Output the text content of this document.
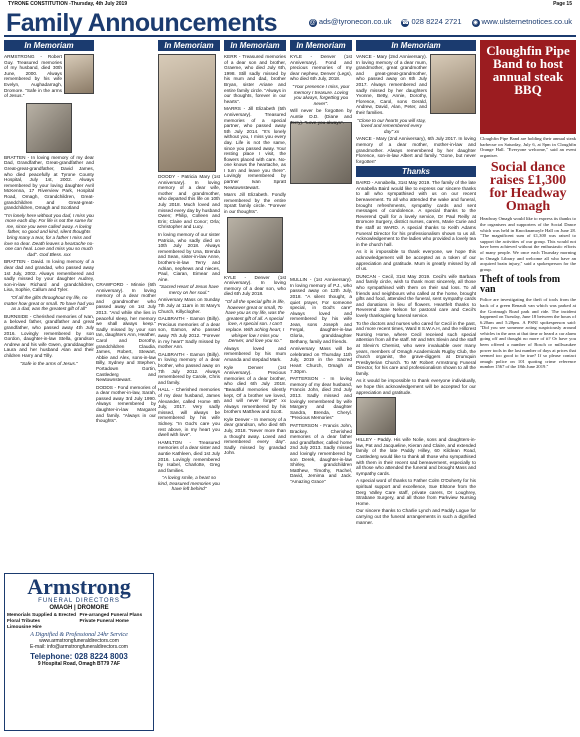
TYRONE CONSTITUTION -Thursday, 4th July 2019	Page 15
Family Announcements	@ ads@tyronecon.co.uk ☎ 028 8224 2721 ◉ www.ulsternetnotices.co.uk
In Memoriam

ARMSTRONG - Robert Guy. Treasured memories of my husband, died 30th June, 2000. Always remembered by his wife Evelyn, Aughadarragh, Dromore. "Safe in the arms of Jesus."

BRATTEN - In loving memory of my dear Dad, Grandfather, Great-grandfather and Great-great-grandfather, David James, who died peacefully at Tyrone County Hospital, July 1st, 2002. Always remembered by your loving daughter Avril McKenna, 17 Riverview Park, Hospital Road, Omagh, Grandchildren, Great-grandchildren and Great-great-grandchildren, Omagh and Scotland

"I'm lonely here without you dad, I miss you more each day. For life is not the same for me, since you were called away. A loving father, so good and kind, silent thoughts bring many a tear, for a father I miss and love so dear. Death leaves a heartache no-one can heal. Love and miss you so much dad". God Bless. xxx

BRATTEN - David. In loving memory of a dear dad and grandad, who passed away 1st July, 2002. Always remembered and sadly missed by your daughter Audrey, son-in-law Richard and grandchildren, Lisa, Sophie, Callum and Tyler.

"Of all the gifts throughout my life, no matter how great or small. To have had you as a dad, was the greatest gift of all"

BURNSIDE - Cherished memories of Ivan, a beloved father, grandfather and great grandfather, who passed away 4th July 2016. Lovingly remembered by son Gordon, daughter-in-law Stella, grandson Andrew and his wife Gwen, granddaughter Laura and her husband Alan and their children Harry and Tilly.

"Safe in the arms of Jesus."

CRAWFORD - Minnie (6th Anniversary). In loving memory of a dear mother and grandmother who passed away on 1st July 2013. "And while she lies in peaceful sleep, her memory we shall always keep." Sadly missed by your son Ian, daughters Ann, Heather, Carol and Dorothy, grandchildren Claudia, James, Robert, Stewart, Abbie and Alex, sons-in-law Billy, Sydney and Stephen, Portadown Gortin, Castlederg and Newtownstewart.

DODDS - Fond memories of a dear mother-in-law, Sarah, passed away 3rd July 1990. Always remembered by daughter-in-law Margaret and family. "Always in our thoughts".

Armstrong
FUNERAL DIRECTORS
OMAGH | DROMORE
Memorials Supplied & Erected Pre-arranged Funeral Plans
Floral Tributes	Private Funeral Home
Limousine Hire
A Dignified & Professional 24hr Service
www.armstrongfuneraldirectors.com
E-mail: info@armstrongfuneraldirectors.com
Telephone: 028 8224 8003
9 Hospital Road, Omagh BT79 7AF
In Memoriam

DOODY - Patricia Mary (1st Anniversary). In loving memory of a dear wife, mother and grandmother, who departed this life on 10th July 2018. Much loved and missed every day by husband Owen; Philip, Colleen and Erin; Claire and Conor; Orla; Christopher and Lucy.

In loving memory of our sister Patricia, who sadly died on 10th July 2018. Always remembered by Una, Brenda and Sean, sister-in-law Anne, brothers-in-law Terry and Adrian, nephews and nieces, Paul, Ciaran, Eimear and Aine.

"Sacred Heart of Jesus have mercy on her soul."

Anniversary Mass on Sunday 7th July at 11am in St Mary's Church, Killyclogher.

GALBRAITH - Eamon (Billy). Precious memories of a dear son, Eamon, who passed away 7th July 2012. "Forever in my heart" Sadly missed by mother Ann.

GALBRAITH - Eamon (Billy). In loving memory of a dear brother, who passed away on 7th July 2012. Always remembered by Carole, Chris and family.

HALL - Cherished memories of my dear husband, James Alexander, called Home 8th July, 2017. Very sadly missed, will always be remembered by his wife Sidney. "In God's care you rest above, in my heart you dwell with love".

HAMILTON - Treasured memories of a dear sister and auntie Kathleen, died 1st July 2016. Lovingly remembered by Isabel, Charlotte, Greg and families.

"A loving smile, a heart so kind, treasured memories you have left behind"

In Memoriam

KERR - Treasured memories of a dear son and brother, Graeme, who died July 6th, 1998. Still sadly missed by his mum and dad, brother Bryan, sister Ariane and entire family circle. "Always in our thoughts, forever in our hearts".

MARRS - Jill Elizabeth (5th Anniversary). Treasured memories of a special partner, who passed away 5th July 2014. "It's lonely without you, I miss you every day. Life is not the same, since you passed away. Your resting place I visit, the flowers placed with care. No-one knows the heartache, as I turn and leave you there". Lovingly remembered by partner Ivan Spratt Newtownstewart.

Marrs Jill Elizabeth. Fondly remembered by the entire Spratt family circle. "Forever in our thoughts".

KYLE - Denver (1st Anniversary). In loving memory of a dear son, who died 6th July 2018.

"Of all the special gifts in life, however great or small, To have you as my life, was the greatest gift of all. A special love, A special son. I can't replace. With aching heart, I whisper low I miss you Denver, and love you so."

Always loved and remembered by his mum Amanda and stepdad Mark.

Kyle Denver (1st Anniversary). Precious memories of a dear brother, who died 6th July 2018. "Beautiful memories silently kept, Of a brother we loved, and will never forget" xx Always remembered by his brothers Matthew and Scott.

Kyle Denver - In memory of a dear grandson, who died 6th July, 2018. "Never more than a thought away. Loved and remembered every day". Sadly missed by grandad John.

In Memoriam

KYLE - Denver (1st Anniversary). Fond and precious memories of my dear nephew, Denver (Legs), who died 6th July, 2018.

"Your presence I miss, your memory I treasure. Loving you always, forgetting you never".

Will never be forgotten by Auntie D.D. (Diane and Terry). "Love you always".

MULLIN - (1st Anniversary). In loving memory of P.J., who passed away on 12th July, 2018. "A silent thought, a quiet prayer, For someone special, in God's care" Always loved and remembered by his wife Jean, sons Joseph and Fergal, daughter-in-law Gloria, granddaughter Bethany, family and friends.

Anniversary Mass will be celebrated on Thursday 11th July, 2019 in the Sacred Heart Church, Omagh at 7.30pm.

PATTERSON - In loving memory of my dear husband, Francis John, died 2nd July 2013. Sadly missed and lovingly remembered by wife Margery and daughter Sandra, Brenda, Cheryl. "Precious Memories"

PATTERSON - Francis John, Brackey. Cherished memories of a dear father and grandfather, called home 2nd July 2013. Sadly missed and lovingly remembered by son Derek, daughter-in-law Shirley, grandchildren Matthew, Timothy, Rachel, David, Jemima and Jack. "Amazing Grace"

In Memoriam

VANCE - Mary (2nd Anniversary). In loving memory of a dear mum, grandmother, great grandmother and great-great-grandmother, who passed away on 6th July 2017. Always remembered and sadly missed by her daughters Yvonne, Betty, Annie, Dorothy, Florence, Carol, sons Gerald, Andrew, David, Alan, Peter, and their families.

"Close to our hearts you will stay, loved and remembered every day" xx

VANCE - Mary (2nd Anniversary), 6th July 2017. In loving memory of a dear mother, mother-in-law and grandmother. Always remembered by her daughter Florence, son-in-law Albert and family. "Gone, but never forgotten"

Thanks

BAIRD - Annabella, 31st May 2019. The family of the late Annabella Baird would like to express our sincere thanks to all who sympathised with us on our recent bereavement. To all who attended the wake and funeral, brought refreshments, sympathy cards and sent messages of condolence. A special thanks to the Reverend Quill for a lovely service, Dr Paul Reilly at Bromore Surgery, district nurses, carers, Marie Curie and the staff at WARD. A special thanks to Keith Adams Funeral Director for his professionalism shown to us all. Acknowledgement to the ladies who provided a lovely tea in the church hall.

As it is impossible to thank everyone, we hope this acknowledgement will be accepted as a token of our appreciation and gratitude. Mum is greatly missed by all of us.

DUNCAN - Cecil, 31st May 2019. Cecil's wife Barbara and family circle, wish to thank most sincerely, all those who sympathised with them on their sad loss. To all friends and neighbours who called at the home, brought gifts and food, attended the funeral, sent sympathy cards and donations in lieu of flowers. Heartfelt thanks to Reverend Jane Nelson for pastoral care and Cecil's lovely thanksgiving funeral service.

To the doctors and nurses who cared for Cecil in the past, and more recent times, Ward 8 S.W.A.H, and the Hillcrest Nursing Home, where Cecil received such special attention from all the staff. Mr and Mrs Slevin and the staff at Slevin's Chemist, who were invaluable over many years, members of Omagh Academicals Rugby Club, the church organist, the grave-diggers at Drumquin Presbyterian Church. To Mr Robert Armstrong Funeral Director, for his care and professionalism shown to all the family.

As it would be impossible to thank everyone individually, we hope this acknowledgement will be accepted for our appreciation and gratitude.

HILLEY - Paddy. His wife Nolie, sons and daughters-in-law, Pat and Jacqueline, Kieran and Claire, and extended family of the late Paddy Hilley, 60 Kilclean Road, Castlederg would like to thank all those who sympathised with them in their recent sad bereavement, especially to all those who attended the funeral and brought Mass and sympathy cards.

A special word of thanks to Father Colm O'Doherty for his spiritual support and excellence, Sue Elstone from the Derg Valley Care staff, private carers, Dr Loughrey, Strabane Surgery, and all those from Parkview Nursing Home.

Our sincere thanks to Charlie Lynch and Paddy Logue for carrying out the funeral arrangements in such a dignified manner.

Cloughfin Pipe Band to host annual steak BBQ

Cloughfin Pipe Band are holding their annual steak barbecue on Saturday, July 6, at 8pm in Cloughfin Orange Hall. "Everyone welcome," said an event organiser.

Social dance raises £1,300 for Headway Omagh

Headway Omagh would like to express its thanks to the organisers and supporters of the Social Dance which was held in Knocknamoyle Hall on June 28. "The magnificent sum of £1,300 was raised to support the activities of our group. This would not have been achieved without the enthusiastic efforts of many people. We once each Thursday morning in Omagh Library and welcome all who have an acquired brain injury," said a spokesperson for the group.

Theft of tools from van

Police are investigating the theft of tools from the back of a green Renault van which was parked at the Gortmagh Road park and ride. The incident happened on Tuesday, June 18 between the hours of 6.20am and 5.20pm. A PSNI spokesperson said: "Did you see someone acting suspiciously around vehicles in the area at that time or heard a car alarm going off and thought no more of it? Or have you been offered a number of Bosch or millwaukee power tools in the last number of days at prices that seemed too good to be true? If so please contact omagh police on 101 quoting crime reference number 1567 of the 18th June 2019."
